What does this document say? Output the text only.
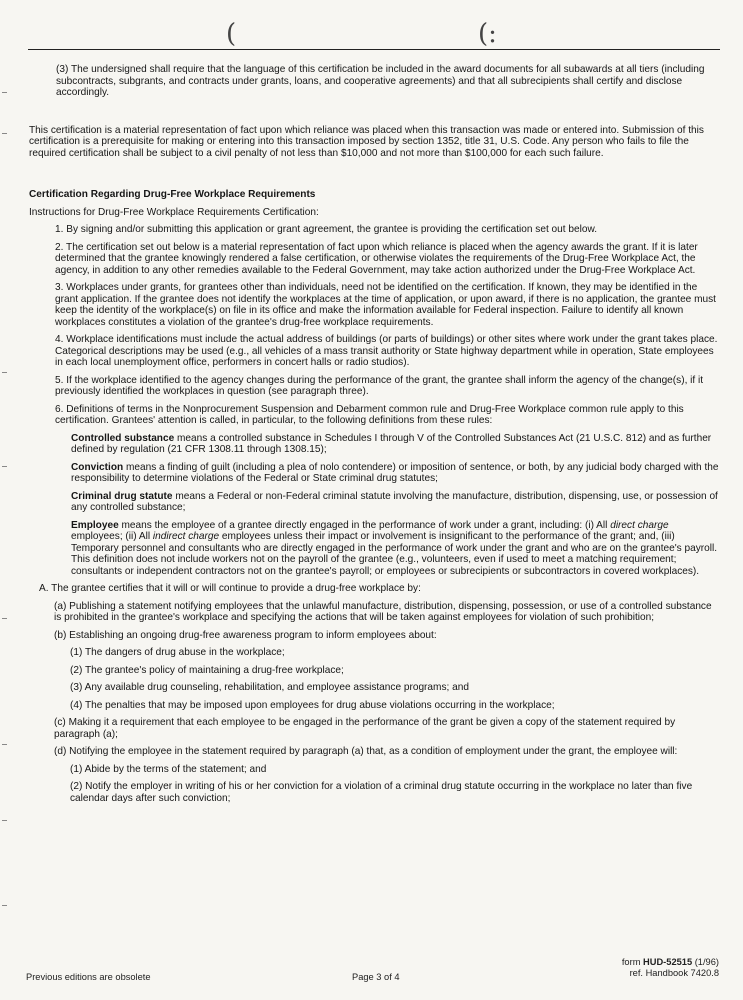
(	(:

(3) The undersigned shall require that the language of this certification be included in the award documents for all subawards at all tiers (including subcontracts, subgrants, and contracts under grants, loans, and cooperative agreements) and that all subrecipients shall certify and disclose accordingly.

This certification is a material representation of fact upon which reliance was placed when this transaction was made or entered into. Submission of this certification is a prerequisite for making or entering into this transaction imposed by section 1352, title 31, U.S. Code. Any person who fails to file the required certification shall be subject to a civil penalty of not less than $10,000 and not more than $100,000 for each such failure.

Certification Regarding Drug-Free Workplace Requirements

Instructions for Drug-Free Workplace Requirements Certification:

1. By signing and/or submitting this application or grant agreement, the grantee is providing the certification set out below.

2. The certification set out below is a material representation of fact upon which reliance is placed when the agency awards the grant. If it is later determined that the grantee knowingly rendered a false certification, or otherwise violates the requirements of the Drug-Free Workplace Act, the agency, in addition to any other remedies available to the Federal Government, may take action authorized under the Drug-Free Workplace Act.

3. Workplaces under grants, for grantees other than individuals, need not be identified on the certification. If known, they may be identified in the grant application. If the grantee does not identify the workplaces at the time of application, or upon award, if there is no application, the grantee must keep the identity of the workplace(s) on file in its office and make the information available for Federal inspection. Failure to identify all known workplaces constitutes a violation of the grantee's drug-free workplace requirements.

4. Workplace identifications must include the actual address of buildings (or parts of buildings) or other sites where work under the grant takes place. Categorical descriptions may be used (e.g., all vehicles of a mass transit authority or State highway department while in operation, State employees in each local unemployment office, performers in concert halls or radio studios).

5. If the workplace identified to the agency changes during the performance of the grant, the grantee shall inform the agency of the change(s), if it previously identified the workplaces in question (see paragraph three).

6. Definitions of terms in the Nonprocurement Suspension and Debarment common rule and Drug-Free Workplace common rule apply to this certification. Grantees' attention is called, in particular, to the following definitions from these rules:

Controlled substance means a controlled substance in Schedules I through V of the Controlled Substances Act (21 U.S.C. 812) and as further defined by regulation (21 CFR 1308.11 through 1308.15);

Conviction means a finding of guilt (including a plea of nolo contendere) or imposition of sentence, or both, by any judicial body charged with the responsibility to determine violations of the Federal or State criminal drug statutes;

Criminal drug statute means a Federal or non-Federal criminal statute involving the manufacture, distribution, dispensing, use, or possession of any controlled substance;

Employee means the employee of a grantee directly engaged in the performance of work under a grant, including: (i) All direct charge employees; (ii) All indirect charge employees unless their impact or involvement is insignificant to the performance of the grant; and, (iii) Temporary personnel and consultants who are directly engaged in the performance of work under the grant and who are on the grantee's payroll. This definition does not include workers not on the payroll of the grantee (e.g., volunteers, even if used to meet a matching requirement; consultants or independent contractors not on the grantee's payroll; or employees or subrecipients or subcontractors in covered workplaces).

A. The grantee certifies that it will or will continue to provide a drug-free workplace by:

(a) Publishing a statement notifying employees that the unlawful manufacture, distribution, dispensing, possession, or use of a controlled substance is prohibited in the grantee's workplace and specifying the actions that will be taken against employees for violation of such prohibition;

(b) Establishing an ongoing drug-free awareness program to inform employees about:

(1) The dangers of drug abuse in the workplace;

(2) The grantee's policy of maintaining a drug-free workplace;

(3) Any available drug counseling, rehabilitation, and employee assistance programs; and

(4) The penalties that may be imposed upon employees for drug abuse violations occurring in the workplace;

(c) Making it a requirement that each employee to be engaged in the performance of the grant be given a copy of the statement required by paragraph (a);

(d) Notifying the employee in the statement required by paragraph (a) that, as a condition of employment under the grant, the employee will:

(1) Abide by the terms of the statement; and

(2) Notify the employer in writing of his or her conviction for a violation of a criminal drug statute occurring in the workplace no later than five calendar days after such conviction;

Previous editions are obsolete	Page 3 of 4
form HUD-52515 (1/96)
ref. Handbook 7420.8
